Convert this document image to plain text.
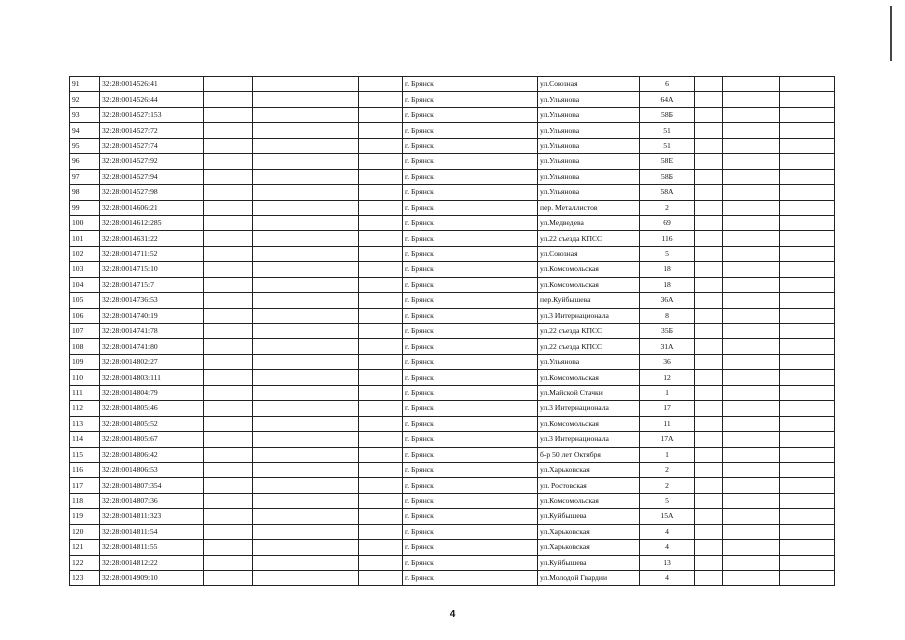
91	32:28:0014526:41				г. Брянск	ул.Союзная	6			
92	32:28:0014526:44				г. Брянск	ул.Ульянова	64А			
93	32:28:0014527:153				г. Брянск	ул.Ульянова	58Б			
94	32:28:0014527:72				г. Брянск	ул.Ульянова	51			
95	32:28:0014527:74				г. Брянск	ул.Ульянова	51			
96	32:28:0014527:92				г. Брянск	ул.Ульянова	58Е			
97	32:28:0014527:94				г. Брянск	ул.Ульянова	58Б			
98	32:28:0014527:98				г. Брянск	ул.Ульянова	58А			
99	32:28:0014606:21				г. Брянск	пер. Металлистов	2			
100	32:28:0014612:285				г. Брянск	ул.Медведева	69			
101	32:28:0014631:22				г. Брянск	ул.22 съезда КПСС	116			
102	32:28:0014711:52				г. Брянск	ул.Союзная	5			
103	32:28:0014715:10				г. Брянск	ул.Комсомольская	18			
104	32:28:0014715:7				г. Брянск	ул.Комсомольская	18			
105	32:28:0014736:53				г. Брянск	пер.Куйбышева	36А			
106	32:28:0014740:19				г. Брянск	ул.3 Интернационала	8			
107	32:28:0014741:78				г. Брянск	ул.22 съезда КПСС	35Б			
108	32:28:0014741:80				г. Брянск	ул.22 съезда КПСС	31А			
109	32:28:0014802:27				г. Брянск	ул.Ульянова	36			
110	32:28:0014803:111				г. Брянск	ул.Комсомольская	12			
111	32:28:0014804:79				г. Брянск	ул.Майской Стачки	1			
112	32:28:0014805:46				г. Брянск	ул.3 Интернационала	17			
113	32:28:0014805:52				г. Брянск	ул.Комсомольская	11			
114	32:28:0014805:67				г. Брянск	ул.3 Интернационала	17А			
115	32:28:0014806:42				г. Брянск	б-р 50 лет Октября	1			
116	32:28:0014806:53				г. Брянск	ул.Харьковская	2			
117	32:28:0014807:354				г. Брянск	ул. Ростовская	2			
118	32:28:0014807:36				г. Брянск	ул.Комсомольская	5			
119	32:28:0014811:323				г. Брянск	ул.Куйбышева	15А			
120	32:28:0014811:54				г. Брянск	ул.Харьковская	4			
121	32:28:0014811:55				г. Брянск	ул.Харьковская	4			
122	32:28:0014812:22				г. Брянск	ул.Куйбышева	13			
123	32:28:0014909:10				г. Брянск	ул.Молодой Гвардии	4			
4
